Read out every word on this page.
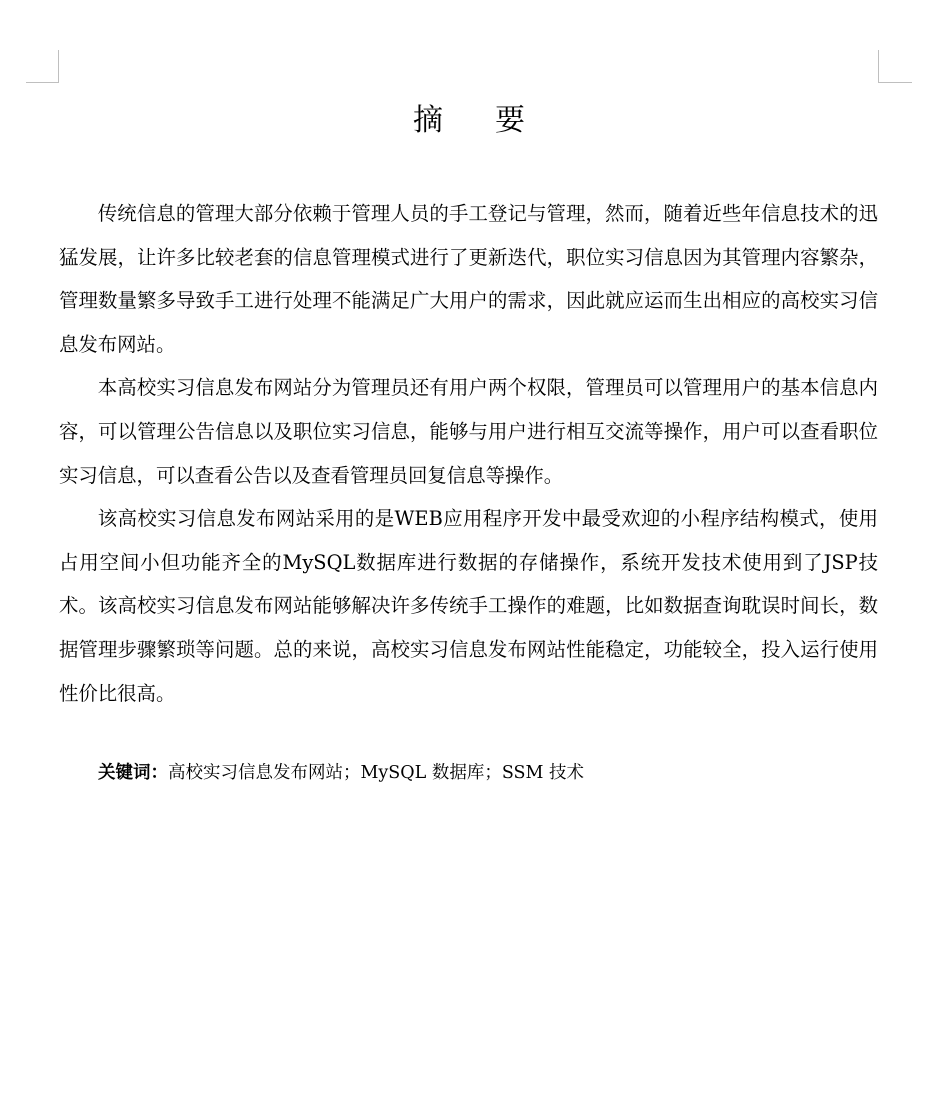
摘 要

传统信息的管理大部分依赖于管理人员的手工登记与管理，然而，随着近些年信息技术的迅猛发展，让许多比较老套的信息管理模式进行了更新迭代，职位实习信息因为其管理内容繁杂，管理数量繁多导致手工进行处理不能满足广大用户的需求，因此就应运而生出相应的高校实习信息发布网站。

本高校实习信息发布网站分为管理员还有用户两个权限，管理员可以管理用户的基本信息内容，可以管理公告信息以及职位实习信息，能够与用户进行相互交流等操作，用户可以查看职位实习信息，可以查看公告以及查看管理员回复信息等操作。

该高校实习信息发布网站采用的是WEB应用程序开发中最受欢迎的小程序结构模式，使用占用空间小但功能齐全的MySQL数据库进行数据的存储操作，系统开发技术使用到了JSP技术。该高校实习信息发布网站能够解决许多传统手工操作的难题，比如数据查询耽误时间长，数据管理步骤繁琐等问题。总的来说，高校实习信息发布网站性能稳定，功能较全，投入运行使用性价比很高。

关键词：高校实习信息发布网站；MySQL 数据库；SSM 技术
